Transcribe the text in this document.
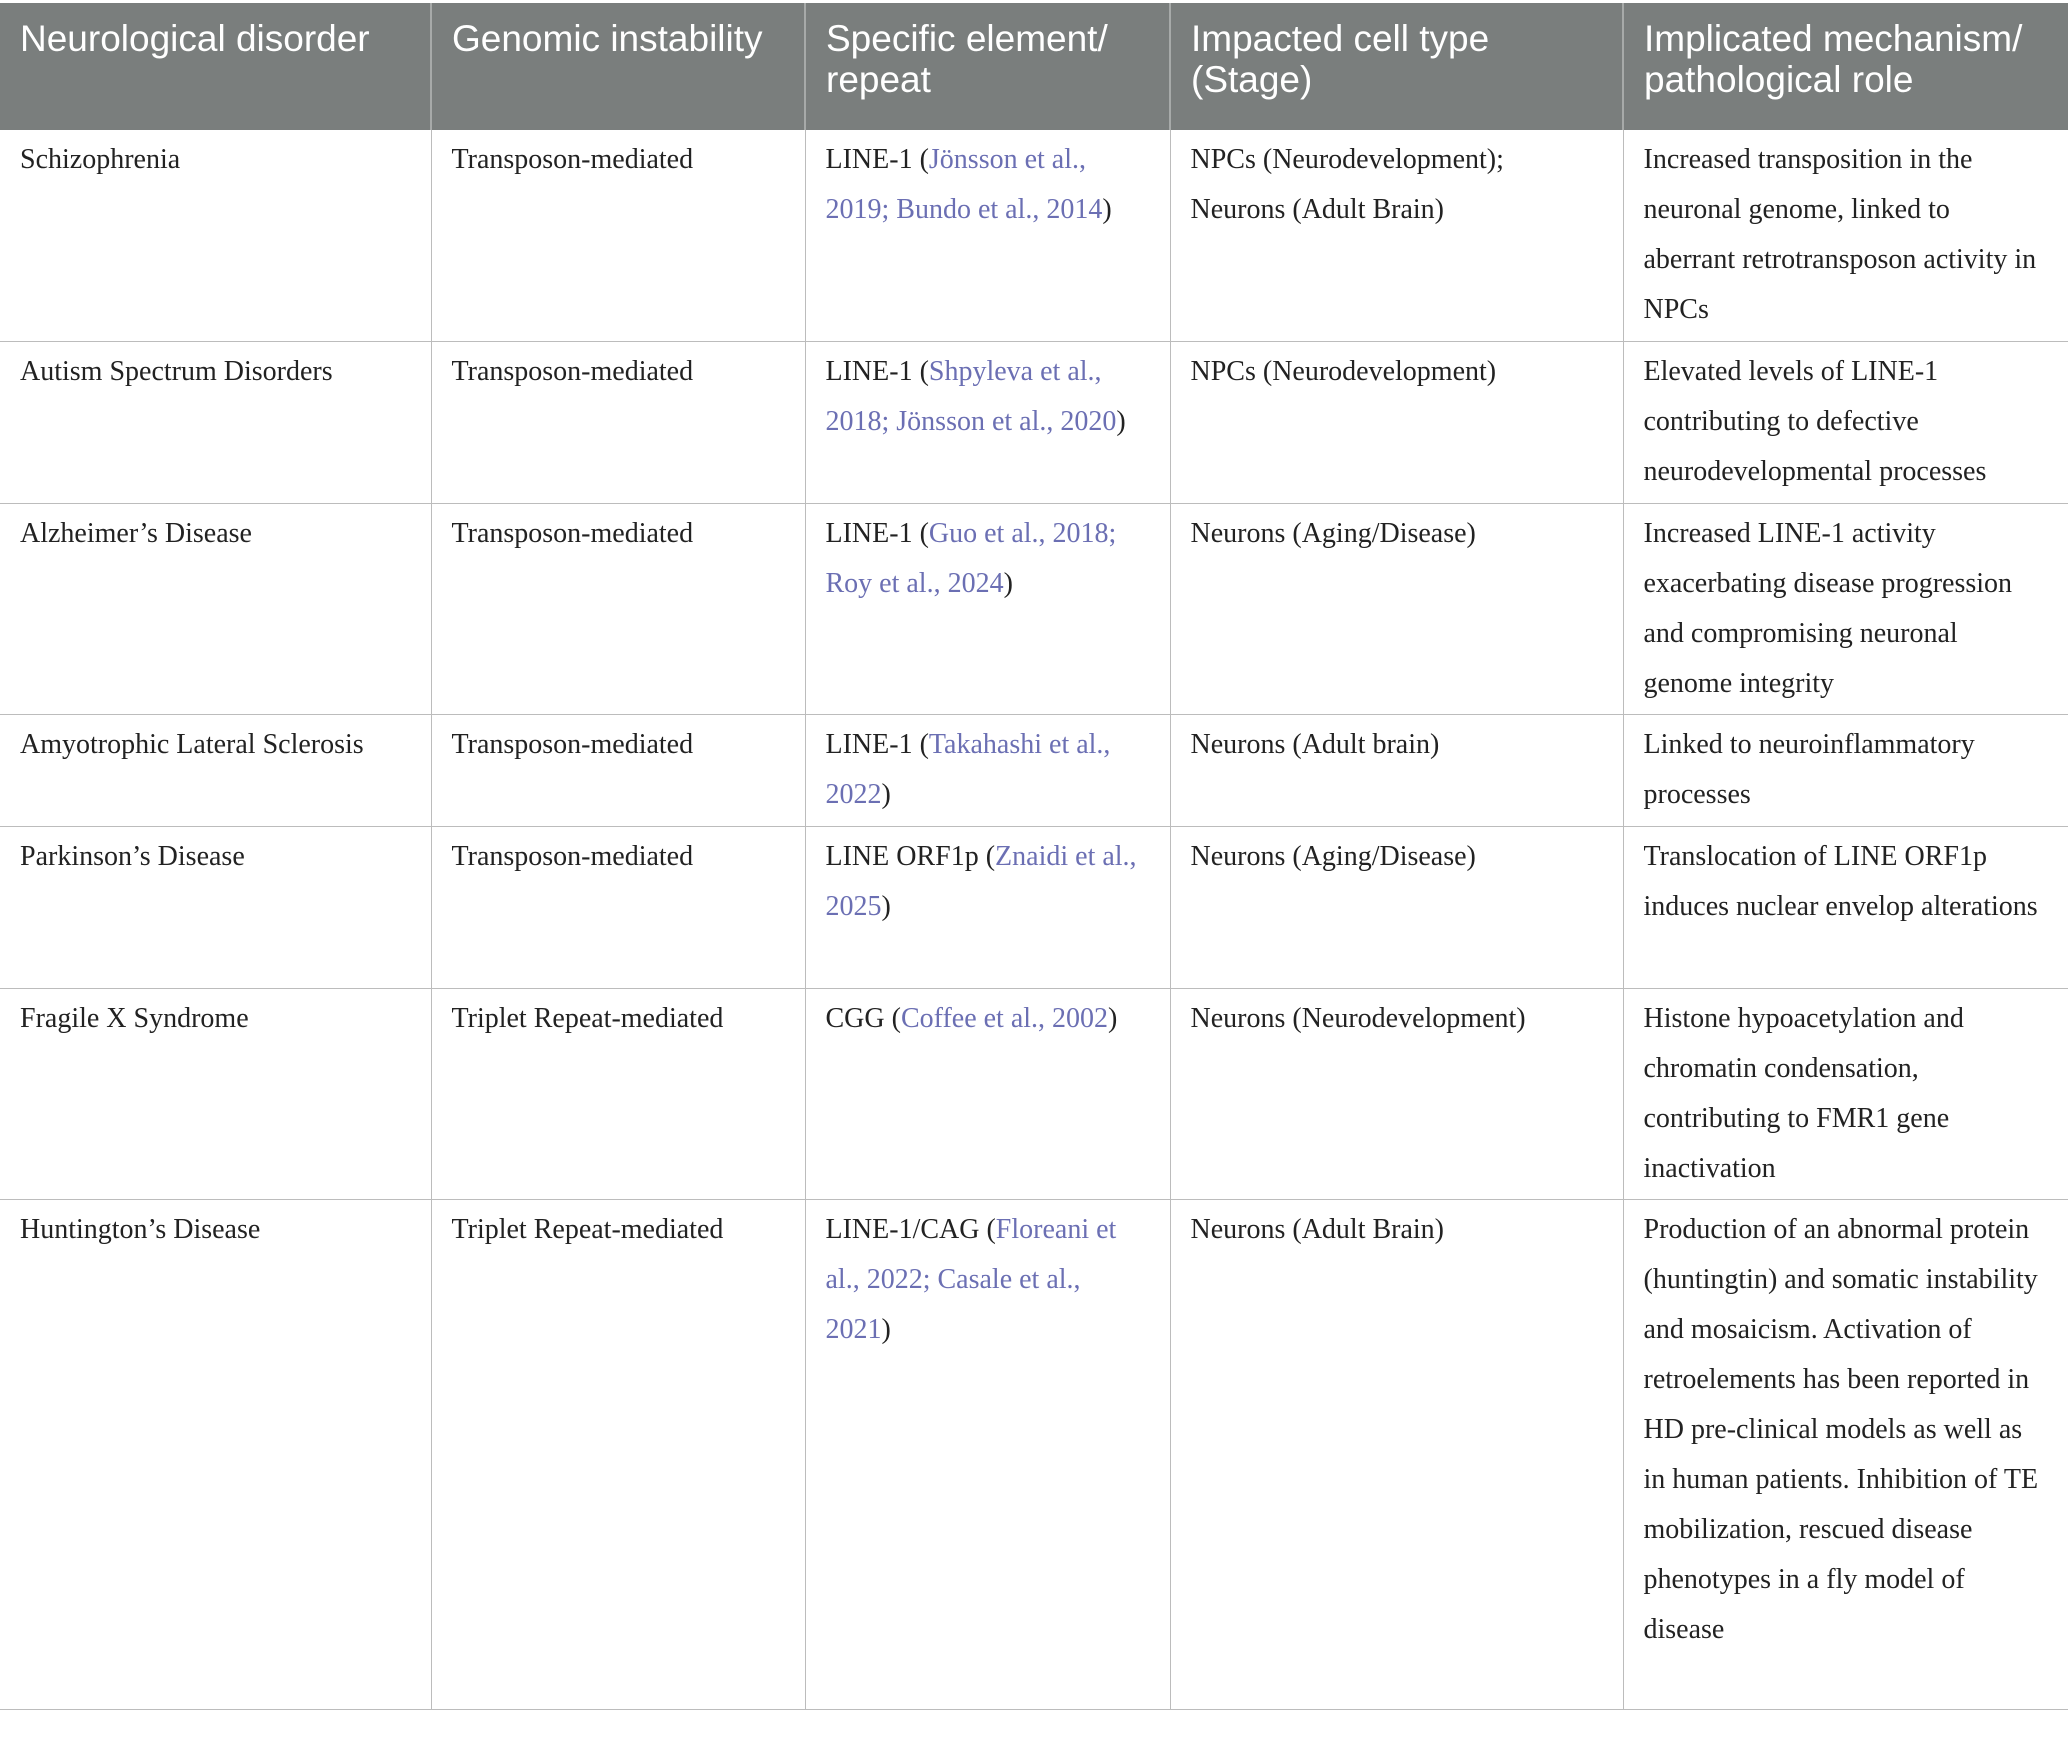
Neurological disorder	Genomic instability	Specific element/ repeat	Impacted cell type (Stage)	Implicated mechanism/ pathological role
Schizophrenia	Transposon-mediated	LINE-1 (Jönsson et al., 2019; Bundo et al., 2014)	NPCs (Neurodevelopment); Neurons (Adult Brain)	Increased transposition in the neuronal genome, linked to aberrant retrotransposon activity in NPCs
Autism Spectrum Disorders	Transposon-mediated	LINE-1 (Shpyleva et al., 2018; Jönsson et al., 2020)	NPCs (Neurodevelopment)	Elevated levels of LINE-1 contributing to defective neurodevelopmental processes
Alzheimer’s Disease	Transposon-mediated	LINE-1 (Guo et al., 2018; Roy et al., 2024)	Neurons (Aging/Disease)	Increased LINE-1 activity exacerbating disease progression and compromising neuronal genome integrity
Amyotrophic Lateral Sclerosis	Transposon-mediated	LINE-1 (Takahashi et al., 2022)	Neurons (Adult brain)	Linked to neuroinflammatory processes
Parkinson’s Disease	Transposon-mediated	LINE ORF1p (Znaidi et al., 2025)	Neurons (Aging/Disease)	Translocation of LINE ORF1p induces nuclear envelop alterations
Fragile X Syndrome	Triplet Repeat-mediated	CGG (Coffee et al., 2002)	Neurons (Neurodevelopment)	Histone hypoacetylation and chromatin condensation, contributing to FMR1 gene inactivation
Huntington’s Disease	Triplet Repeat-mediated	LINE-1/CAG (Floreani et al., 2022; Casale et al., 2021)	Neurons (Adult Brain)	Production of an abnormal protein (huntingtin) and somatic instability and mosaicism. Activation of retroelements has been reported in HD pre-clinical models as well as in human patients. Inhibition of TE mobilization, rescued disease phenotypes in a fly model of disease
